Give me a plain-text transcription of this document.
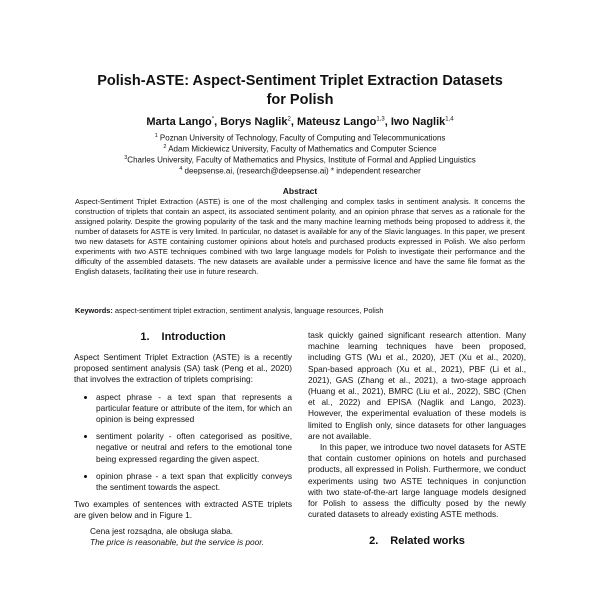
Polish-ASTE: Aspect-Sentiment Triplet Extraction Datasets
for Polish
Marta Lango*, Borys Naglik$^2$, Mateusz Lango$^{1,3}$, Iwo Naglik$^{1,4}$
$^1$ Poznan University of Technology, Faculty of Computing and Telecommunications
$^2$ Adam Mickiewicz University, Faculty of Mathematics and Computer Science
$^3$Charles University, Faculty of Mathematics and Physics, Institute of Formal and Applied Linguistics
$^4$ deepsense.ai, (research@deepsense.ai) * independent researcher
Abstract
Aspect-Sentiment Triplet Extraction (ASTE) is one of the most challenging and complex tasks in sentiment analysis. It concerns the construction of triplets that contain an aspect, its associated sentiment polarity, and an opinion phrase that serves as a rationale for the assigned polarity. Despite the growing popularity of the task and the many machine learning methods being proposed to address it, the number of datasets for ASTE is very limited. In particular, no dataset is available for any of the Slavic languages. In this paper, we present two new datasets for ASTE containing customer opinions about hotels and purchased products expressed in Polish. We also perform experiments with two ASTE techniques combined with two large language models for Polish to investigate their performance and the difficulty of the assembled datasets. The new datasets are available under a permissive licence and have the same file format as the English datasets, facilitating their use in future research.
Keywords: aspect-sentiment triplet extraction, sentiment analysis, language resources, Polish
1. Introduction

Aspect Sentiment Triplet Extraction (ASTE) is a recently proposed sentiment analysis (SA) task (Peng et al., 2020) that involves the extraction of triplets comprising:

• aspect phrase - a text span that represents a particular feature or attribute of the item, for which an opinion is being expressed
• sentiment polarity - often categorised as positive, negative or neutral and refers to the emotional tone being expressed regarding the given aspect.
• opinion phrase - a text span that explicitly conveys the sentiment towards the aspect.

Two examples of sentences with extracted ASTE triplets are given below and in Figure 1.

Cena jest rozsądna, ale obsługa słaba.
The price is reasonable, but the service is poor.

task quickly gained significant research attention. Many machine learning techniques have been proposed, including GTS (Wu et al., 2020), JET (Xu et al., 2020), Span-based approach (Xu et al., 2021), PBF (Li et al., 2021), GAS (Zhang et al., 2021), a two-stage approach (Huang et al., 2021), BMRC (Liu et al., 2022), SBC (Chen et al., 2022) and EPISA (Naglik and Lango, 2023). However, the experimental evaluation of these models is limited to English only, since datasets for other languages are not available.

In this paper, we introduce two novel datasets for ASTE that contain customer opinions on hotels and purchased products, all expressed in Polish. Furthermore, we conduct experiments using two ASTE techniques in conjunction with two state-of-the-art large language models designed for Polish to assess the difficulty posed by the newly curated datasets to already existing ASTE methods.

2. Related works
